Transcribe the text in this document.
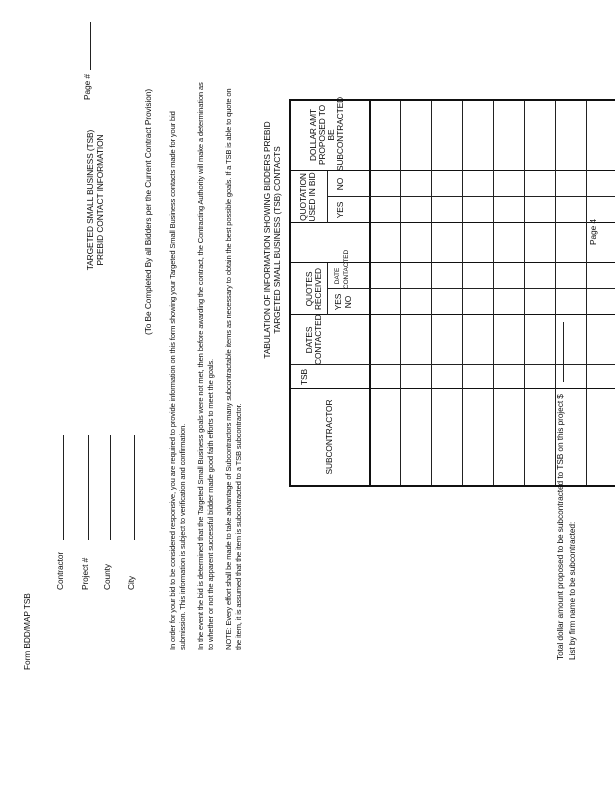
Form BDD/MAP TSB
Page #
Contractor Project # County City
TARGETED SMALL BUSINESS (TSB) PREBID CONTACT INFORMATION	(To Be Completed By all Bidders per the Current Contract Provision) In order for your bid to be considered responsive, you are required to provide information on this form showing your Targeted Small Business contacts made for your bid submission. This information is subject to verification and confirmation. In the event the bid is determined that the Targeted Small Business goals were not met, then before awarding the contract, the Contracting Authority will make a determination as to whether or not the apparent successful bidder made good faith efforts to meet the goals. NOTE: Every effort shall be made to take advantage of Subcontractors many subcontractable items as necessary to obtain the best possible goals. If a TSB is able to quote on the item, it is assumed that the item is subcontracted to a TSB subcontractor.
TABULATION OF INFORMATION SHOWING BIDDERS PREBID TARGETED SMALL BUSINESS (TSB) CONTACTS
SUBCONTRACTOR
TSB
DATES CONTACTED
QUOTES RECEIVED YES NO
DATE CONTACTED
QUOTATION USED IN BID YES
NO
DOLLAR AMT PROPOSED TO BE SUBCONTRACTED
Total dollar amount proposed to be subcontracted to TSB on this project $ List by firm name to be subcontracted:
Page 4
